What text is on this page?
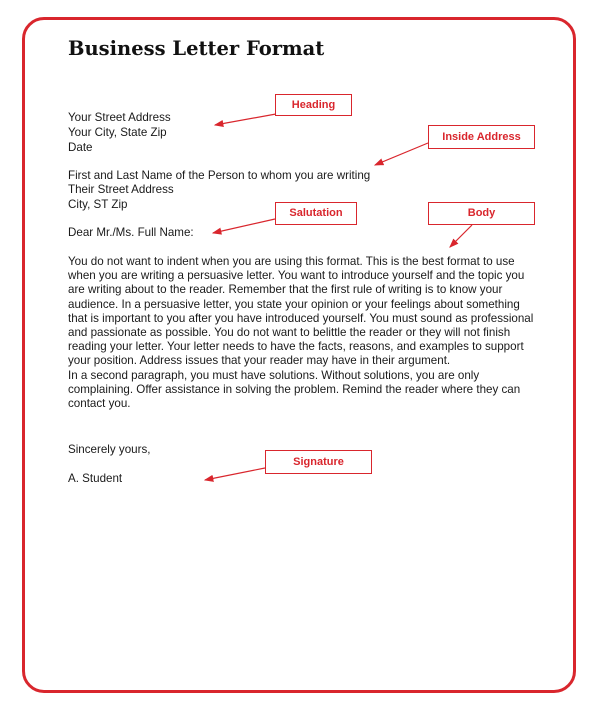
Business Letter Format
Your Street Address
Your City, State Zip
Date
First and Last Name of the Person to whom you are writing
Their Street Address
City, ST Zip
Dear Mr./Ms. Full Name:

You do not want to indent when you are using this format. This is the best format to use when you are writing a persuasive letter. You want to introduce yourself and the topic you are writing about to the reader. Remember that the first rule of writing is to know your audience. In a persuasive letter, you state your opinion or your feelings about something that is important to you after you have introduced yourself. You must sound as professional and passionate as possible. You do not want to belittle the reader or they will not finish reading your letter. Your letter needs to have the facts, reasons, and examples to support your position. Address issues that your reader may have in their argument.

In a second paragraph, you must have solutions. Without solutions, you are only complaining. Offer assistance in solving the problem. Remind the reader where they can contact you.

Sincerely yours,
A. Student
Heading
Inside Address
Salutation	Body
Signature
